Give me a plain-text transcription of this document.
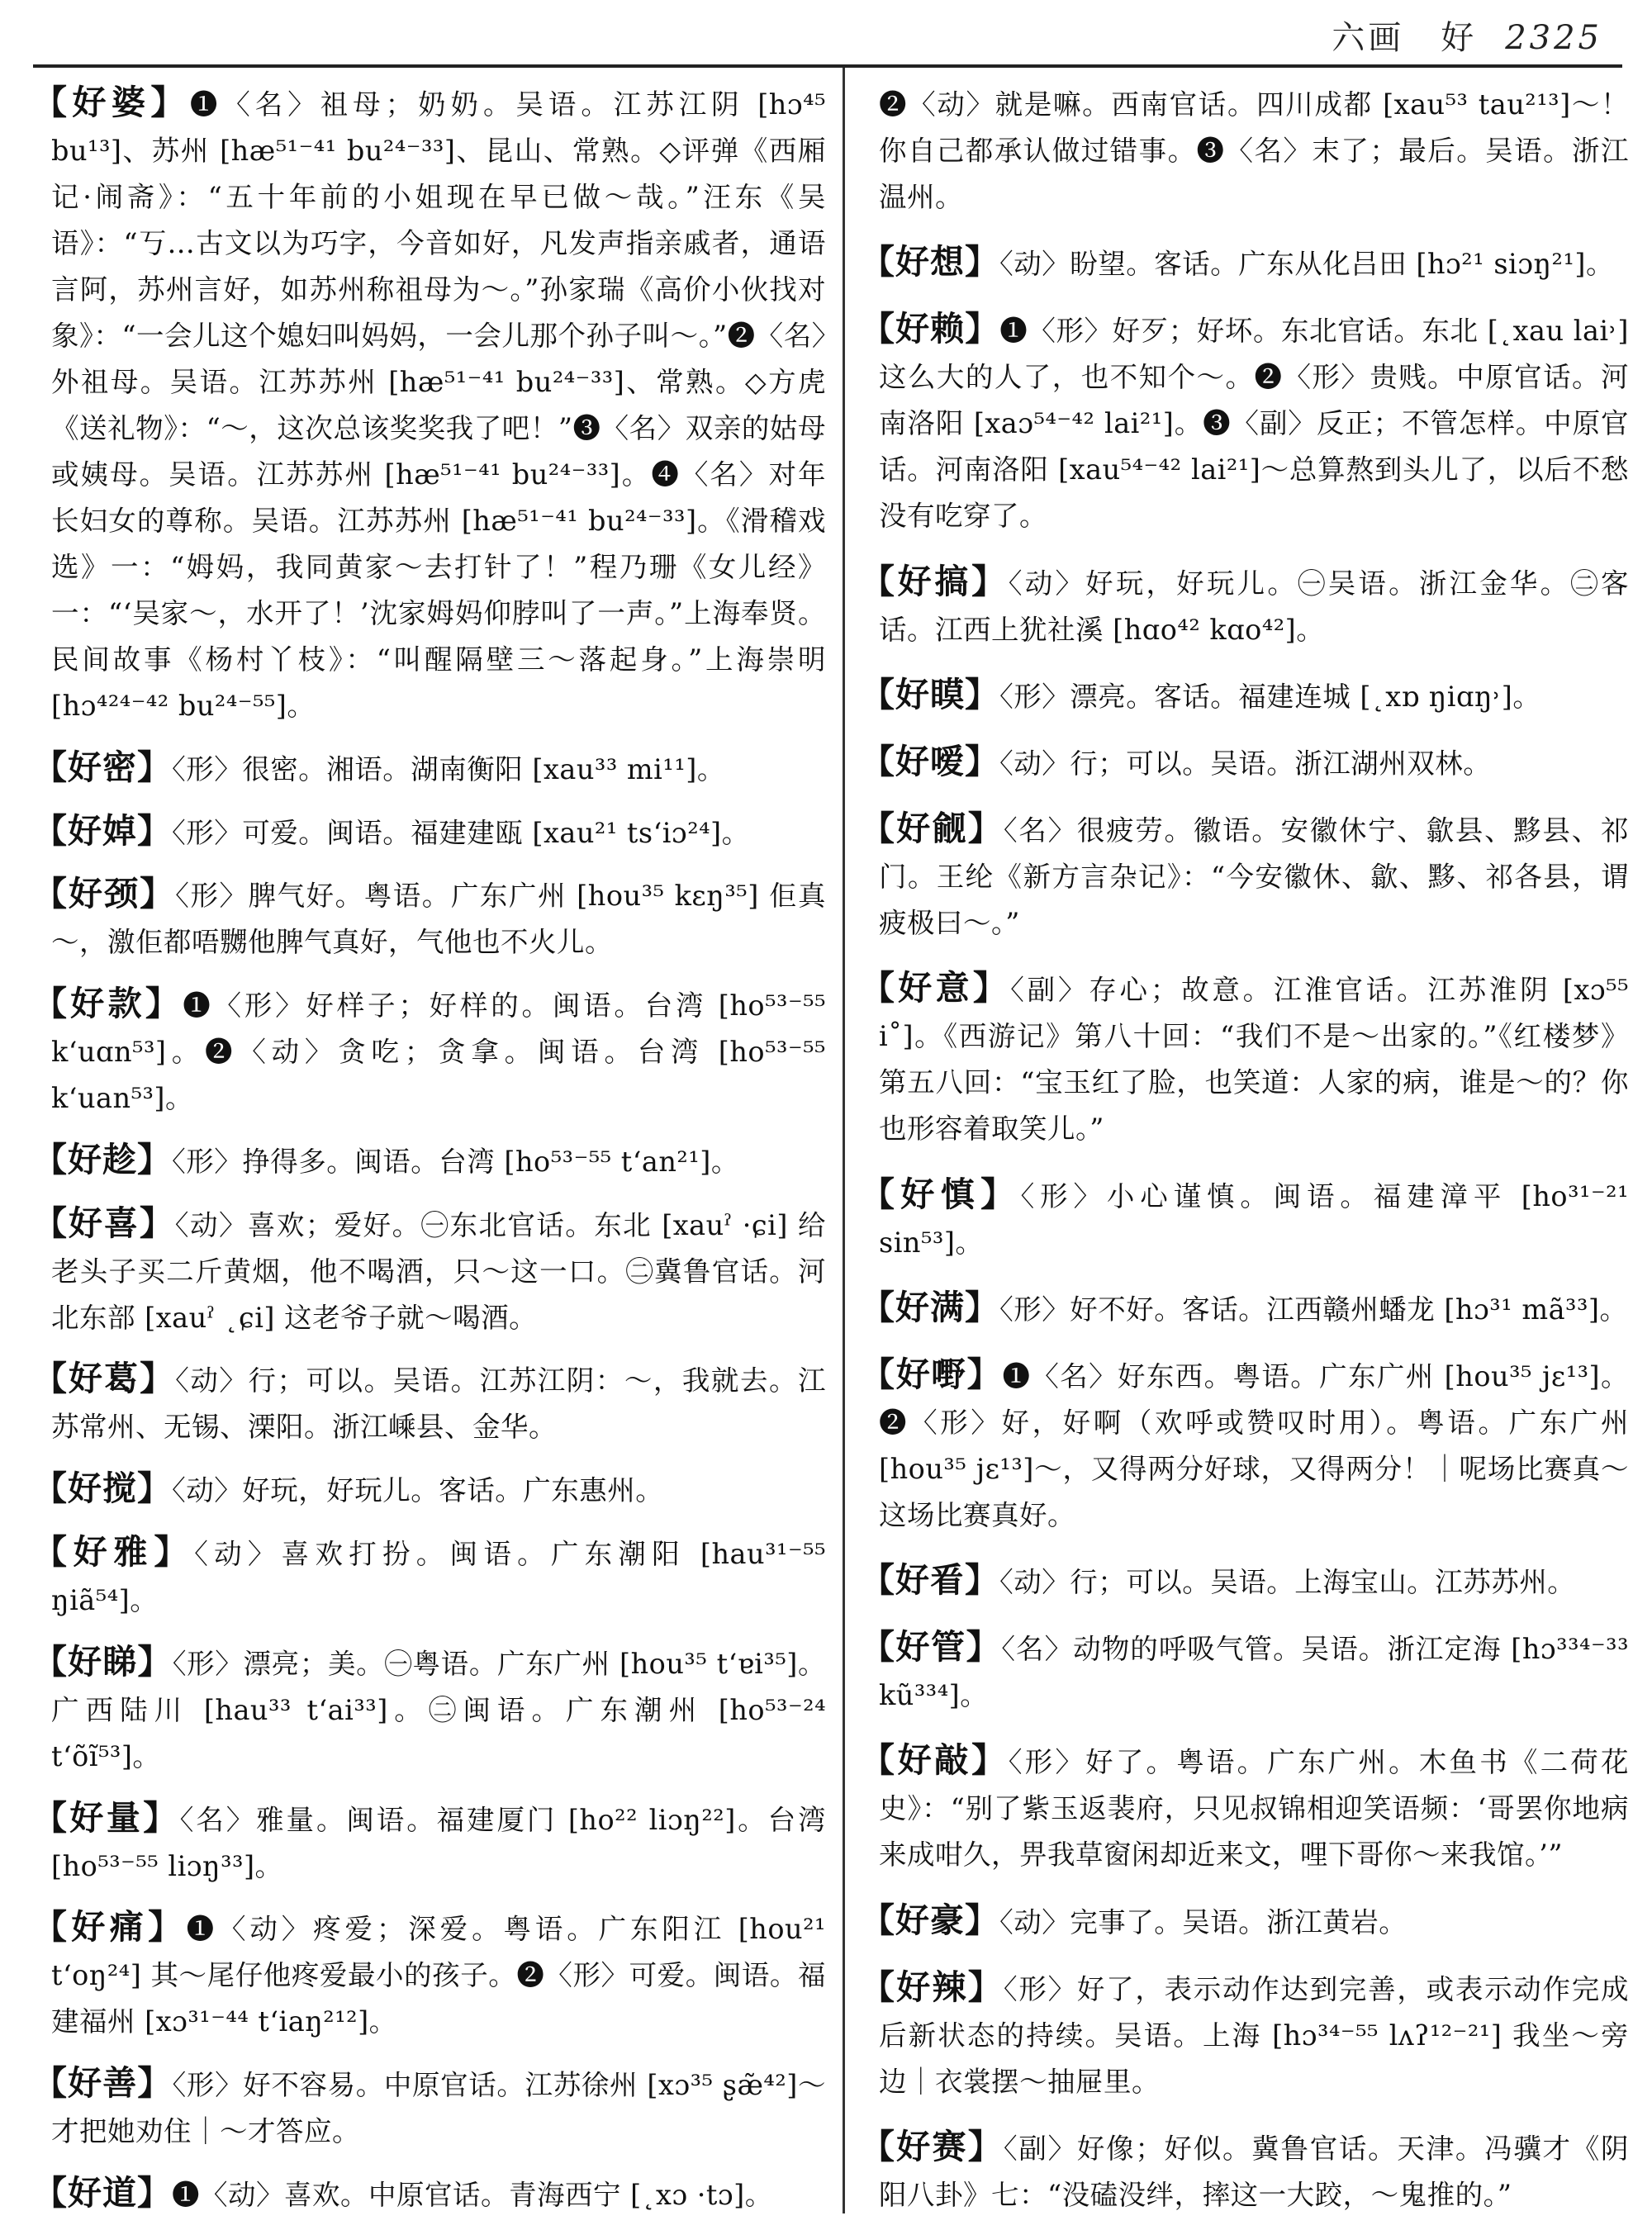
六画　好 2325
【好婆】❶〈名〉祖母；奶奶。吴语。江苏江阴 [hɔ⁴⁵ bu¹³]、苏州 [hæ⁵¹⁻⁴¹ bu²⁴⁻³³]、昆山、常熟。◇评弹《西厢记·闹斋》：“五十年前的小姐现在早已做～哉。”汪东《吴语》：“丂…古文以为巧字，今音如好，凡发声指亲戚者，通语言阿，苏州言好，如苏州称祖母为～。”孙家瑞《高价小伙找对象》：“一会儿这个媳妇叫妈妈，一会儿那个孙子叫～。”❷〈名〉外祖母。吴语。江苏苏州 [hæ⁵¹⁻⁴¹ bu²⁴⁻³³]、常熟。◇方虎《送礼物》：“～，这次总该奖奖我了吧！”❸〈名〉双亲的姑母或姨母。吴语。江苏苏州 [hæ⁵¹⁻⁴¹ bu²⁴⁻³³]。❹〈名〉对年长妇女的尊称。吴语。江苏苏州 [hæ⁵¹⁻⁴¹ bu²⁴⁻³³]。《滑稽戏选》一：“姆妈，我同黄家～去打针了！”程乃珊《女儿经》一：“‘吴家～，水开了！’沈家姆妈仰脖叫了一声。”上海奉贤。民间故事《杨村丫枝》：“叫醒隔壁三～落起身。”上海崇明 [hɔ⁴²⁴⁻⁴² bu²⁴⁻⁵⁵]。
【好密】〈形〉很密。湘语。湖南衡阳 [xau³³ mi¹¹]。
【好婥】〈形〉可爱。闽语。福建建瓯 [xau²¹ tsʻiɔ²⁴]。
【好颈】〈形〉脾气好。粤语。广东广州 [hou³⁵ kɛŋ³⁵] 佢真～，激佢都唔嬲他脾气真好，气他也不火儿。
【好款】❶〈形〉好样子；好样的。闽语。台湾 [ho⁵³⁻⁵⁵ kʻuɑn⁵³]。❷〈动〉贪吃；贪拿。闽语。台湾 [ho⁵³⁻⁵⁵ kʻuan⁵³]。
【好趁】〈形〉挣得多。闽语。台湾 [ho⁵³⁻⁵⁵ tʻan²¹]。
【好喜】〈动〉喜欢；爱好。㊀东北官话。东北 [xauˀ ·ɕi] 给老头子买二斤黄烟，他不喝酒，只～这一口。㊁冀鲁官话。河北东部 [xauˀ ˛ɕi] 这老爷子就～喝酒。
【好葛】〈动〉行；可以。吴语。江苏江阴：～，我就去。江苏常州、无锡、溧阳。浙江嵊县、金华。
【好搅】〈动〉好玩，好玩儿。客话。广东惠州。
【好雅】〈动〉喜欢打扮。闽语。广东潮阳 [hau³¹⁻⁵⁵ ŋiã⁵⁴]。
【好睇】〈形〉漂亮；美。㊀粤语。广东广州 [hou³⁵ tʻɐi³⁵]。广西陆川 [hau³³ tʻai³³]。㊁闽语。广东潮州 [ho⁵³⁻²⁴ tʻõĩ⁵³]。
【好量】〈名〉雅量。闽语。福建厦门 [ho²² liɔŋ²²]。台湾 [ho⁵³⁻⁵⁵ liɔŋ³³]。
【好痛】❶〈动〉疼爱；深爱。粤语。广东阳江 [hou²¹ tʻoŋ²⁴] 其～尾仔他疼爱最小的孩子。❷〈形〉可爱。闽语。福建福州 [xɔ³¹⁻⁴⁴ tʻiaŋ²¹²]。
【好善】〈形〉好不容易。中原官话。江苏徐州 [xɔ³⁵ ʂæ̃⁴²]～才把她劝住｜～才答应。
【好道】❶〈动〉喜欢。中原官话。青海西宁 [˛xɔ ·tɔ]。
❷〈动〉就是嘛。西南官话。四川成都 [xau⁵³ tau²¹³]～！你自己都承认做过错事。❸〈名〉末了；最后。吴语。浙江温州。
【好想】〈动〉盼望。客话。广东从化吕田 [hɔ²¹ siɔŋ²¹]。
【好赖】❶〈形〉好歹；好坏。东北官话。东北 [˛xau lai˒] 这么大的人了，也不知个～。❷〈形〉贵贱。中原官话。河南洛阳 [xaɔ⁵⁴⁻⁴² lai²¹]。❸〈副〉反正；不管怎样。中原官话。河南洛阳 [xau⁵⁴⁻⁴² lai²¹]～总算熬到头儿了，以后不愁没有吃穿了。
【好搞】〈动〉好玩，好玩儿。㊀吴语。浙江金华。㊁客话。江西上犹社溪 [hɑo⁴² kɑo⁴²]。
【好瞙】〈形〉漂亮。客话。福建连城 [˛xɒ ŋiɑŋ˒]。
【好嗳】〈动〉行；可以。吴语。浙江湖州双林。
【好觎】〈名〉很疲劳。徽语。安徽休宁、歙县、黟县、祁门。王纶《新方言杂记》：“今安徽休、歙、黟、祁各县，谓疲极曰～。”
【好意】〈副〉存心；故意。江淮官话。江苏淮阴 [xɔ⁵⁵ i˚]。《西游记》第八十回：“我们不是～出家的。”《红楼梦》第五八回：“宝玉红了脸，也笑道：人家的病，谁是～的？你也形容着取笑儿。”
【好慎】〈形〉小心谨慎。闽语。福建漳平 [ho³¹⁻²¹ sin⁵³]。
【好满】〈形〉好不好。客话。江西赣州蟠龙 [hɔ³¹ mã³³]。
【好嘢】❶〈名〉好东西。粤语。广东广州 [hou³⁵ jɛ¹³]。❷〈形〉好，好啊（欢呼或赞叹时用）。粤语。广东广州 [hou³⁵ jɛ¹³]～，又得两分好球，又得两分！｜呢场比赛真～这场比赛真好。
【好㸔】〈动〉行；可以。吴语。上海宝山。江苏苏州。
【好管】〈名〉动物的呼吸气管。吴语。浙江定海 [hɔ³³⁴⁻³³ kũ³³⁴]。
【好敲】〈形〉好了。粤语。广东广州。木鱼书《二荷花史》：“别了紫玉返裴府，只见叔锦相迎笑语频：‘哥罢你地病来成咁久，畀我草窗闲却近来文，哩下哥你～来我馆。’”
【好豪】〈动〉完事了。吴语。浙江黄岩。
【好辣】〈形〉好了，表示动作达到完善，或表示动作完成后新状态的持续。吴语。上海 [hɔ³⁴⁻⁵⁵ lʌʔ¹²⁻²¹] 我坐～旁边｜衣裳摆～抽屉里。
【好赛】〈副〉好像；好似。冀鲁官话。天津。冯骥才《阴阳八卦》七：“没磕没绊，摔这一大跤，～鬼推的。”
